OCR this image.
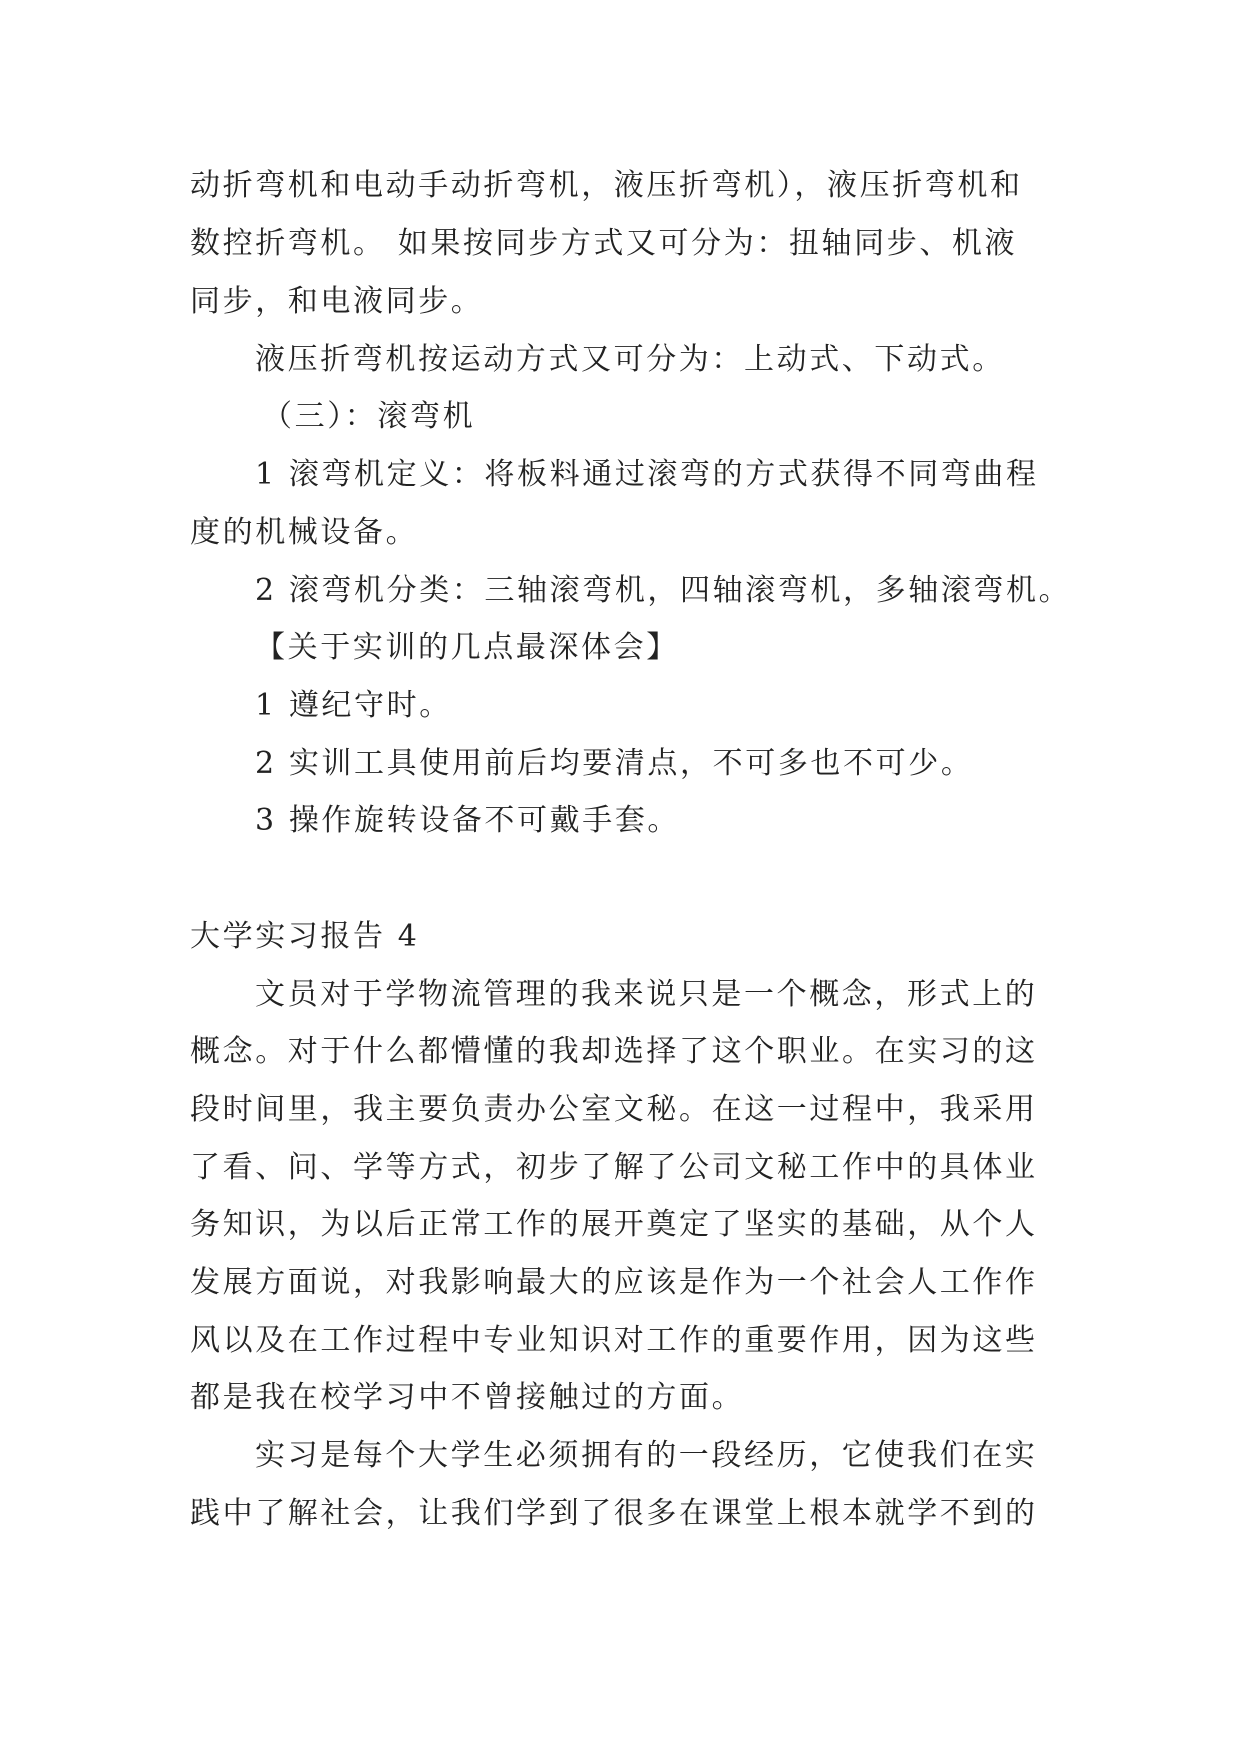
动折弯机和电动手动折弯机，液压折弯机），液压折弯机和
数控折弯机。 如果按同步方式又可分为：扭轴同步、机液
同步，和电液同步。
液压折弯机按运动方式又可分为：上动式、下动式。
（三）：滚弯机
1 滚弯机定义：将板料通过滚弯的方式获得不同弯曲程
度的机械设备。
2 滚弯机分类：三轴滚弯机，四轴滚弯机，多轴滚弯机。
【关于实训的几点最深体会】
1 遵纪守时。
2 实训工具使用前后均要清点，不可多也不可少。
3 操作旋转设备不可戴手套。
大学实习报告 4
文员对于学物流管理的我来说只是一个概念，形式上的
概念。对于什么都懵懂的我却选择了这个职业。在实习的这
段时间里，我主要负责办公室文秘。在这一过程中，我采用
了看、问、学等方式，初步了解了公司文秘工作中的具体业
务知识，为以后正常工作的展开奠定了坚实的基础，从个人
发展方面说，对我影响最大的应该是作为一个社会人工作作
风以及在工作过程中专业知识对工作的重要作用，因为这些
都是我在校学习中不曾接触过的方面。
实习是每个大学生必须拥有的一段经历，它使我们在实
践中了解社会，让我们学到了很多在课堂上根本就学不到的
